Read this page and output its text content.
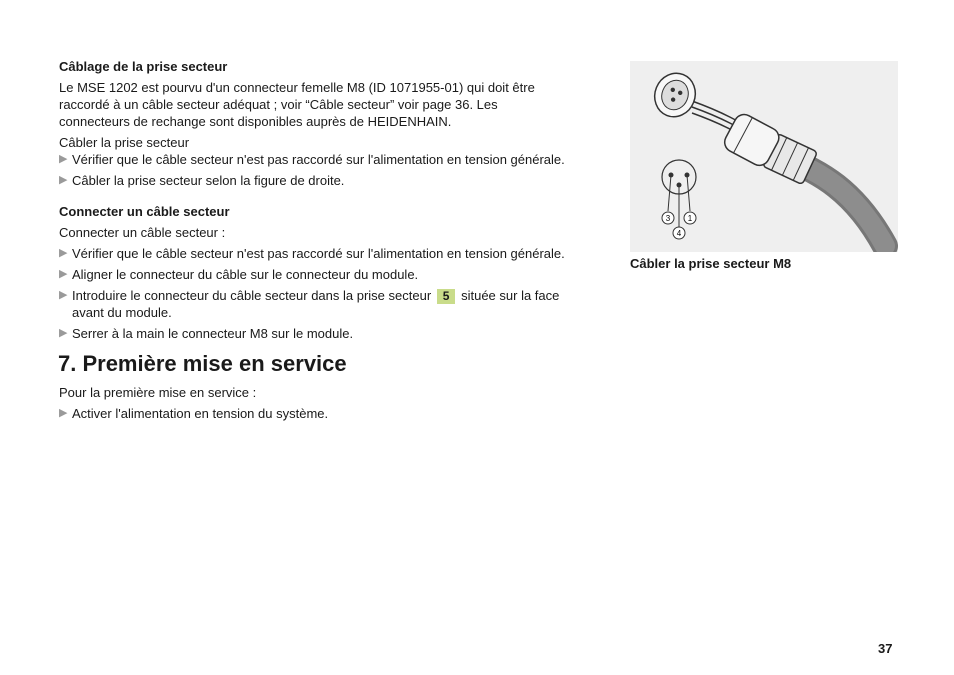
Câblage de la prise secteur

Le MSE 1202 est pourvu d'un connecteur femelle M8 (ID 1071955-01) qui doit être

raccordé à un câble secteur adéquat ; voir “Câble secteur” voir page 36. Les

connecteurs de rechange sont disponibles auprès de HEIDENHAIN.

Câbler la prise secteur

▶ Vérifier que le câble secteur n'est pas raccordé sur l'alimentation en tension générale.
▶ Câbler la prise secteur selon la figure de droite.
Connecter un câble secteur

Connecter un câble secteur :

▶ Vérifier que le câble secteur n'est pas raccordé sur l'alimentation en tension générale.
▶ Aligner le connecteur du câble sur le connecteur du module.
▶ Introduire le connecteur du câble secteur dans la prise secteur 5 située sur la face
avant du module.
▶ Serrer à la main le connecteur M8 sur le module.
7. Première mise en service

Pour la première mise en service :

▶ Activer l'alimentation en tension du système.
3 1
4
Câbler la prise secteur M8
37
